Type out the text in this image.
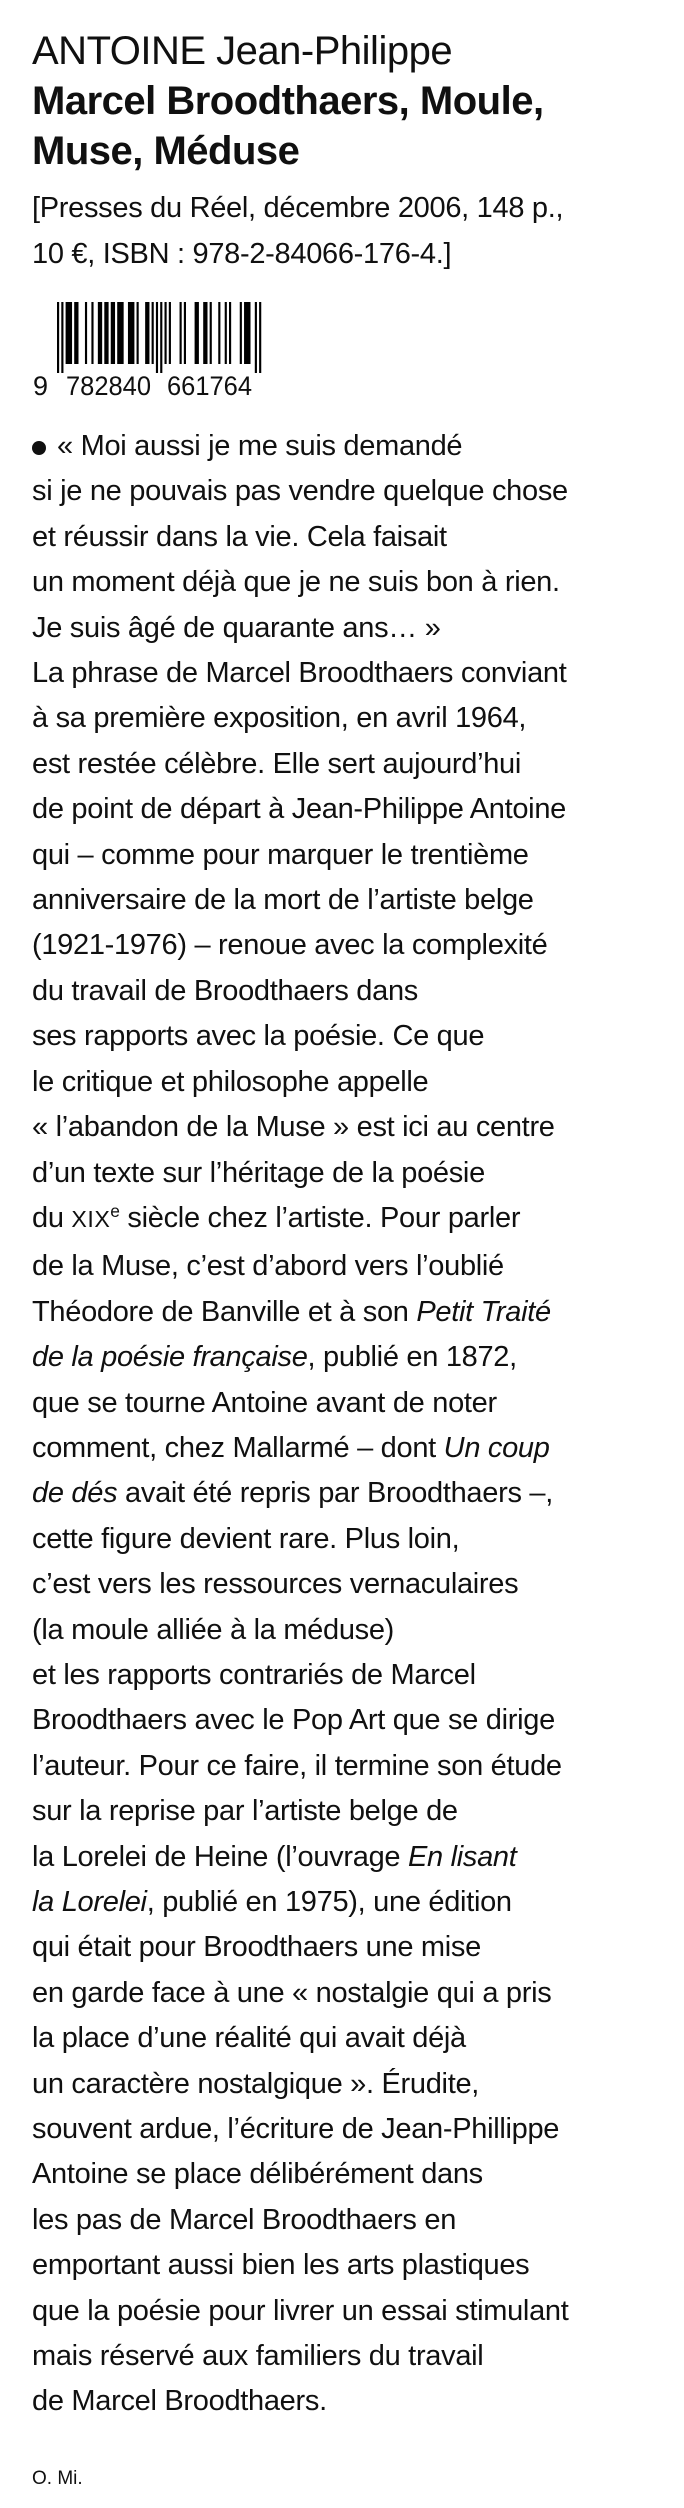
ANTOINE Jean-Philippe
Marcel Broodthaers, Moule,
Muse, Méduse
[Presses du Réel, décembre 2006, 148 p.,
10 €, ISBN : 978-2-84066-176-4.]
9 782840 661764
« Moi aussi je me suis demandé
si je ne pouvais pas vendre quelque chose
et réussir dans la vie. Cela faisait
un moment déjà que je ne suis bon à rien.
Je suis âgé de quarante ans… »
La phrase de Marcel Broodthaers conviant
à sa première exposition, en avril 1964,
est restée célèbre. Elle sert aujourd’hui
de point de départ à Jean-Philippe Antoine
qui – comme pour marquer le trentième
anniversaire de la mort de l’artiste belge
(1921-1976) – renoue avec la complexité
du travail de Broodthaers dans
ses rapports avec la poésie. Ce que
le critique et philosophe appelle
« l’abandon de la Muse » est ici au centre
d’un texte sur l’héritage de la poésie
du XIXe siècle chez l’artiste. Pour parler
de la Muse, c’est d’abord vers l’oublié
Théodore de Banville et à son Petit Traité
de la poésie française, publié en 1872,
que se tourne Antoine avant de noter
comment, chez Mallarmé – dont Un coup
de dés avait été repris par Broodthaers –,
cette figure devient rare. Plus loin,
c’est vers les ressources vernaculaires
(la moule alliée à la méduse)
et les rapports contrariés de Marcel
Broodthaers avec le Pop Art que se dirige
l’auteur. Pour ce faire, il termine son étude
sur la reprise par l’artiste belge de
la Lorelei de Heine (l’ouvrage En lisant
la Lorelei, publié en 1975), une édition
qui était pour Broodthaers une mise
en garde face à une « nostalgie qui a pris
la place d’une réalité qui avait déjà
un caractère nostalgique ». Érudite,
souvent ardue, l’écriture de Jean-Phillippe
Antoine se place délibérément dans
les pas de Marcel Broodthaers en
emportant aussi bien les arts plastiques
que la poésie pour livrer un essai stimulant
mais réservé aux familiers du travail
de Marcel Broodthaers.
O. Mi.
